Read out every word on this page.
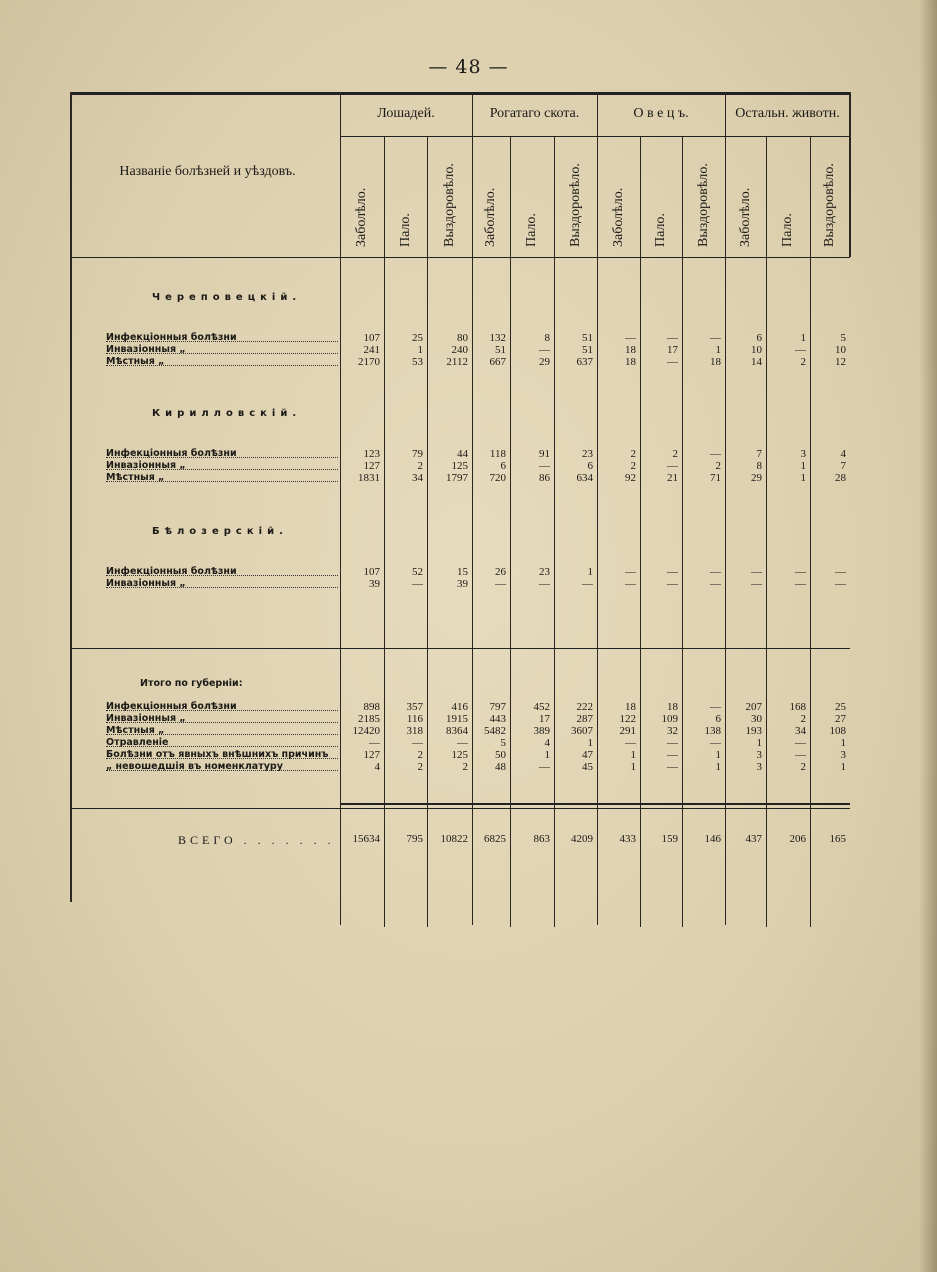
— 48 —
Названіе болѣзней и уѣздовъ.
Лошадей.	Рогатаго скота.	О в е ц ъ.	Остальн. животн.
Заболѣло.	Пало.	Выздоровѣло.	Заболѣло.	Пало.	Выздоровѣло.	Заболѣло.	Пало.	Выздоровѣло.	Заболѣло.	Пало.	Выздоровѣло.
Череповецкій.
Инфекціонныя болѣзни	107	25	80	132	8	51	—	—	—	6	1	5
Инвазіонныя „	241	1	240	51	—	51	18	17	1	10	—	10
Мѣстныя „	2170	53	2112	667	29	637	18	—	18	14	2	12
Кирилловскій.
Инфекціонныя болѣзни	123	79	44	118	91	23	2	2	—	7	3	4
Инвазіонныя „	127	2	125	6	—	6	2	—	2	8	1	7
Мѣстныя „	1831	34	1797	720	86	634	92	21	71	29	1	28
Бѣлозерскій.
Инфекціонныя болѣзни	107	52	15	26	23	1	—	—	—	—	—	—
Инвазіонныя „	39	—	39	—	—	—	—	—	—	—	—	—
Итого по губерніи:
Инфекціонныя болѣзни	898	357	416	797	452	222	18	18	—	207	168	25
Инвазіонныя „	2185	116	1915	443	17	287	122	109	6	30	2	27
Мѣстныя „	12420	318	8364	5482	389	3607	291	32	138	193	34	108
Отравленіе	—	—	—	5	4	1	—	—	—	1	—	1
Болѣзни отъ явныхъ внѣшнихъ причинъ	127	2	125	50	1	47	1	—	1	3	—	3
„ невошедшія въ номенклатуру	4	2	2	48	—	45	1	—	1	3	2	1
ВСЕГО . . . . . . .	15634	795	10822	6825	863	4209	433	159	146	437	206	165
